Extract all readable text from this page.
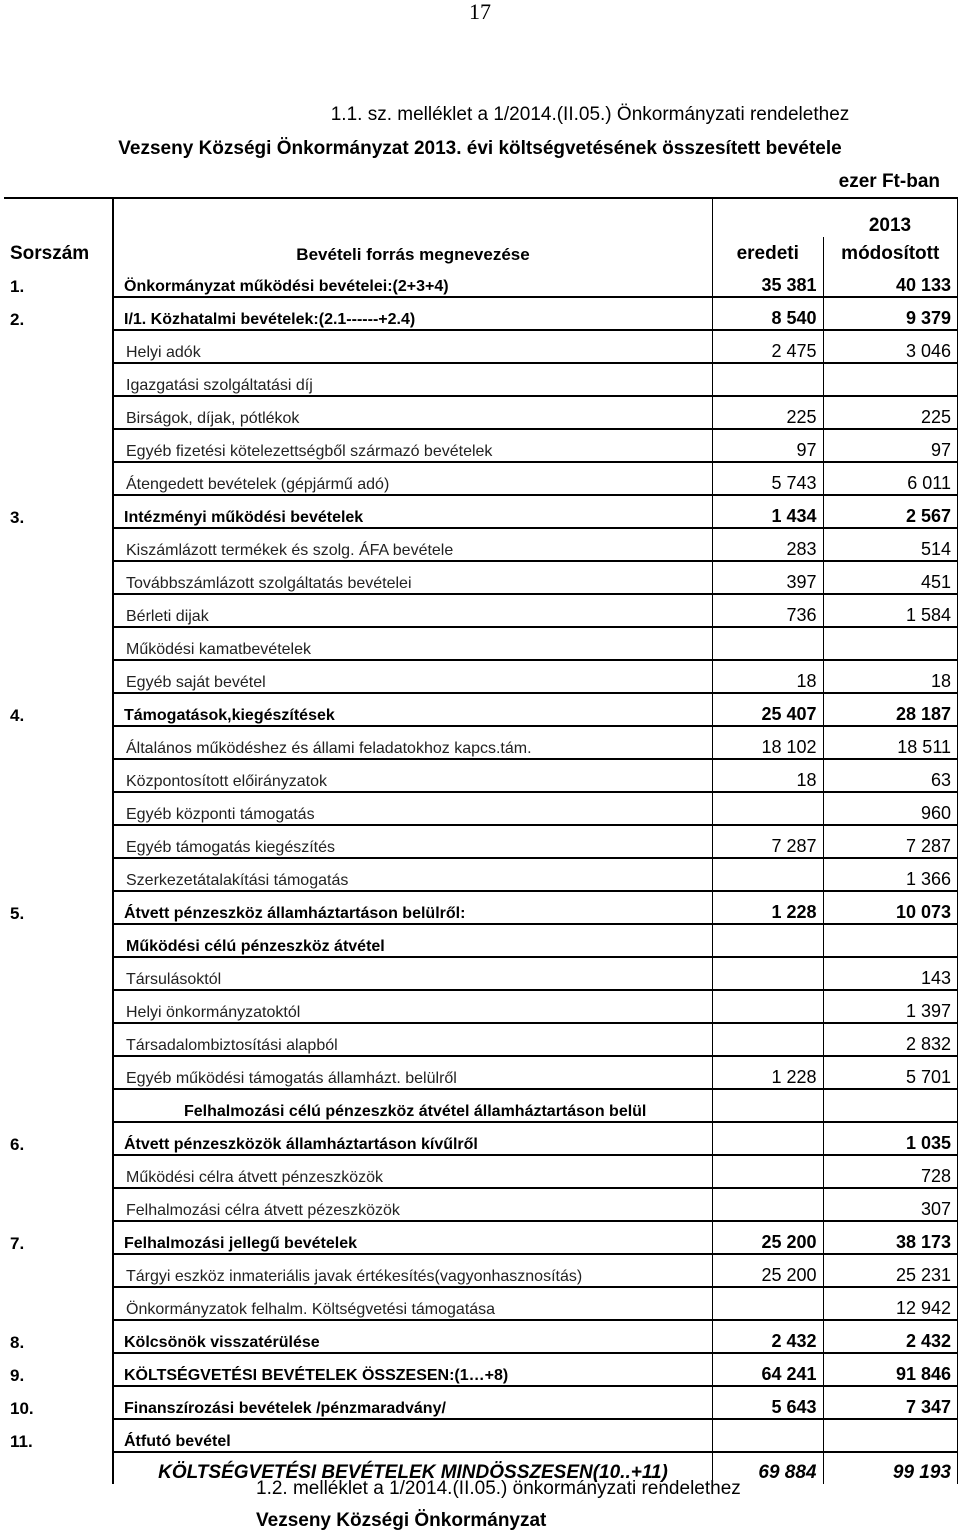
17
1.1. sz. melléklet a 1/2014.(II.05.) Önkormányzati rendelethez
Vezseny Községi Önkormányzat 2013. évi költségvetésének összesített bevétele
ezer Ft-ban
			2013
Sorszám	Bevételi forrás megnevezése	eredeti	módosított
1.	Önkormányzat működési bevételei:(2+3+4)	35 381	40 133
2.	I/1. Közhatalmi bevételek:(2.1------+2.4)	8 540	9 379
	Helyi adók	2 475	3 046
	Igazgatási szolgáltatási díj		
	Birságok, díjak, pótlékok	225	225
	Egyéb fizetési kötelezettségből származó bevételek	97	97
	Átengedett bevételek (gépjármű adó)	5 743	6 011
3.	Intézményi működési bevételek	1 434	2 567
	Kiszámlázott termékek és szolg. ÁFA bevétele	283	514
	Továbbszámlázott szolgáltatás bevételei	397	451
	Bérleti dijak	736	1 584
	Működési kamatbevételek		
	Egyéb saját bevétel	18	18
4.	Támogatások,kiegészítések	25 407	28 187
	Általános működéshez és állami feladatokhoz kapcs.tám.	18 102	18 511
	Központosított előirányzatok	18	63
	Egyéb központi támogatás		960
	Egyéb támogatás kiegészítés	7 287	7 287
	Szerkezetátalakítási támogatás		1 366
5.	Átvett pénzeszköz államháztartáson belülről:	1 228	10 073
	Működési célú pénzeszköz átvétel		
	Társulásoktól		143
	Helyi önkormányzatoktól		1 397
	Társadalombiztosítási alapból		2 832
	Egyéb működési támogatás államházt. belülről	1 228	5 701
	Felhalmozási célú pénzeszköz átvétel államháztartáson belül		
6.	Átvett pénzeszközök államháztartáson kívűlről		1 035
	Működési célra átvett pénzeszközök		728
	Felhalmozási célra átvett pézeszközök		307
7.	Felhalmozási jellegű bevételek	25 200	38 173
	Tárgyi eszköz inmateriális javak értékesítés(vagyonhasznosítás)	25 200	25 231
	Önkormányzatok felhalm. Költségvetési támogatása		12 942
8.	Kölcsönök visszatérülése	2 432	2 432
9.	KÖLTSÉGVETÉSI BEVÉTELEK ÖSSZESEN:(1…+8)	64 241	91 846
10.	Finanszírozási bevételek /pénzmaradvány/	5 643	7 347
11.	Átfutó bevétel		
	KÖLTSÉGVETÉSI BEVÉTELEK MINDÖSSZESEN(10..+11)	69 884	99 193
1.2. melléklet a 1/2014.(II.05.) önkormányzati rendelethez
Vezseny Községi Önkormányzat
